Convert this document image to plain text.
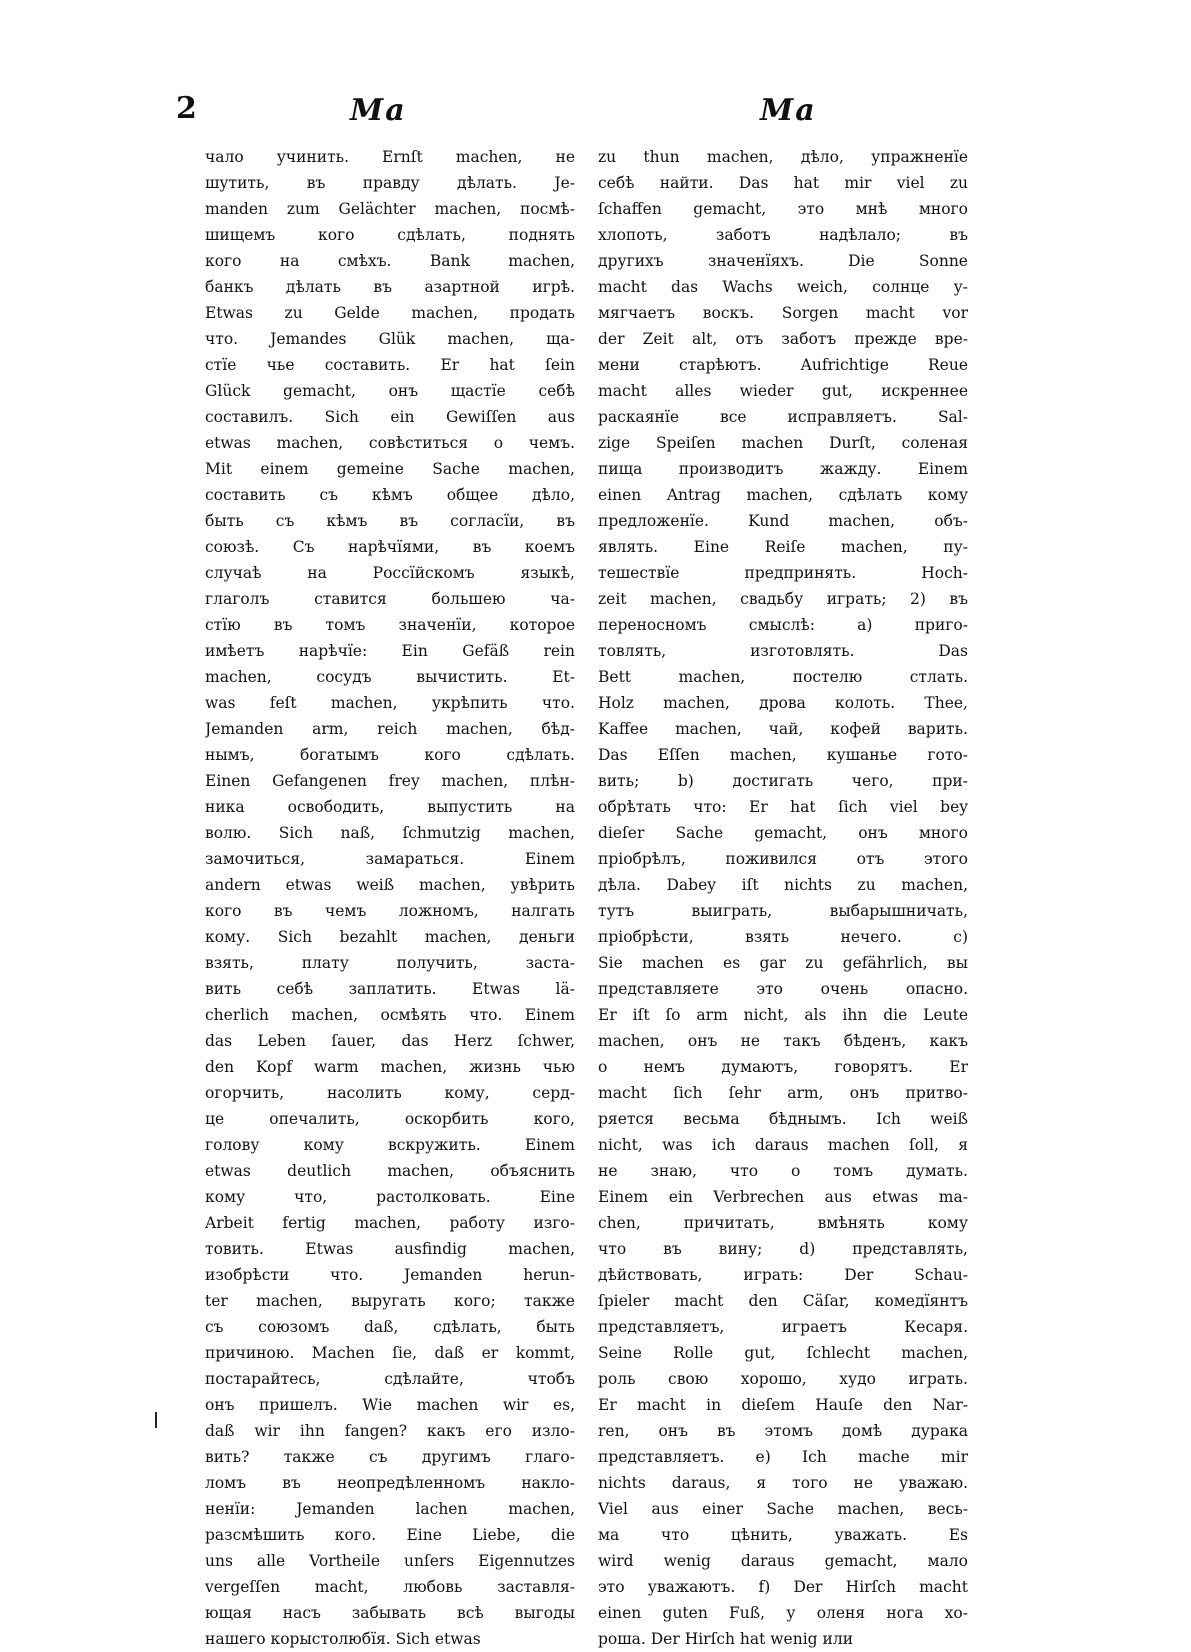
2	Ma	Ma
чало учинить. Ernſt machen, не
шутить, въ правду дѣлать. Je-
manden zum Gelächter machen, посмѣ-
шищемъ кого сдѣлать, поднять
кого на смѣхъ. Bank machen,
банкъ дѣлать въ азартной игрѣ.
Etwas zu Gelde machen, продать
что. Jemandes Glük machen, ща-
стїе чье составить. Er hat ſein
Glück gemacht, онъ щастїе себѣ
составилъ. Sich ein Gewiſſen aus
etwas machen, совѣститься о чемъ.
Mit einem gemeine Sache machen,
составить съ кѣмъ общее дѣло,
быть съ кѣмъ въ согласїи, въ
союзѣ. Съ нарѣчїями, въ коемъ
случаѣ на Россїйскомъ языкѣ,
глаголъ ставится большею ча-
стїю въ томъ значенїи, которое
имѣетъ нарѣчїе: Ein Gefäß rein
machen, сосудъ вычистить. Et-
was feſt machen, укрѣпить что.
Jemanden arm, reich machen, бѣд-
нымъ, богатымъ кого сдѣлать.
Einen Gefangenen frey machen, плѣн-
ника освободить, выпустить на
волю. Sich naß, ſchmutzig machen,
замочиться, замараться. Einem
andern etwas weiß machen, увѣрить
кого въ чемъ ложномъ, налгать
кому. Sich bezahlt machen, деньги
взять, плату получить, заста-
вить себѣ заплатить. Etwas lä-
cherlich machen, осмѣять что. Einem
das Leben ſauer, das Herz ſchwer,
den Kopf warm machen, жизнь чью
огорчить, насолить кому, серд-
це опечалить, оскорбить кого,
голову кому вскружить. Einem
etwas deutlich machen, объяснить
кому что, растолковать. Eine
Arbeit fertig machen, работу изго-
товить. Etwas ausfindig machen,
изобрѣсти что. Jemanden herun-
ter machen, выругать кого; также
съ союзомъ daß, сдѣлать, быть
причиною. Machen ſie, daß er kommt,
постарайтесь, сдѣлайте, чтобъ
онъ пришелъ. Wie machen wir es,
daß wir ihn fangen? какъ его изло-
вить? также съ другимъ глаго-
ломъ въ неопредѣленномъ наклo-
ненїи: Jemanden lachen machen,
разсмѣшить кого. Eine Liebe, die
uns alle Vortheile unſers Eigennutzes
vergeſſen macht, любовь заставля-
ющая насъ забывать всѣ выгоды
нашего корыстолюбїя. Sich etwas
zu thun machen, дѣло, упражненїе
себѣ найти. Das hat mir viel zu
ſchaffen gemacht, это мнѣ много
хлопоть, заботъ надѣлало; въ
другихъ значенїяхъ. Die Sonne
macht das Wachs weich, солнце у-
мягчаетъ воскъ. Sorgen macht vor
der Zeit alt, отъ заботъ прежде вре-
мени старѣютъ. Aufrichtige Reue
macht alles wieder gut, искреннее
раскаянїе все исправляетъ. Sal-
zige Speiſen machen Durſt, соленая
пища производитъ жажду. Einem
einen Antrag machen, сдѣлать кому
предложенїе. Kund machen, объ-
являть. Eine Reiſe machen, пу-
тешествїе предпринять. Hoch-
zeit machen, свадьбу играть; 2) въ
переносномъ смыслѣ: a) приго-
товлять, изготовлять. Das
Bett machen, постелю стлать.
Holz machen, дрова колоть. Thee,
Kaffee machen, чай, кофей варить.
Das Eſſen machen, кушанье гото-
вить; b) достигать чего, при-
обрѣтать что: Er hat ſich viel bey
dieſer Sache gemacht, онъ много
прiобрѣлъ, поживился отъ этого
дѣла. Dabey iſt nichts zu machen,
тутъ выиграть, выбарышничать,
прiобрѣсти, взять нечего. c)
Sie machen es gar zu gefährlich, вы
представляете это очень опасно.
Er iſt ſo arm nicht, als ihn die Leute
machen, онъ не такъ бѣденъ, какъ
о немъ думаютъ, говорятъ. Er
macht ſich ſehr arm, онъ притво-
ряется весьма бѣднымъ. Ich weiß
nicht, was ich daraus machen ſoll, я
не знаю, что о томъ думать.
Einem ein Verbrechen aus etwas ma-
chen, причитать, вмѣнять кому
что въ вину; d) представлять,
дѣйствовать, играть: Der Schau-
ſpieler macht den Cäſar, комедїянтъ
представляетъ, играетъ Кесаря.
Seine Rolle gut, ſchlecht machen,
роль свою хорошо, худо играть.
Er macht in dieſem Hauſe den Nar-
ren, онъ въ этомъ домѣ дурака
представляетъ. e) Ich mache mir
nichts daraus, я того не уважаю.
Viel aus einer Sache machen, весь-
ма что цѣнить, уважать. Es
wird wenig daraus gemacht, мало
это уважаютъ. f) Der Hirſch macht
einen guten Fuß, у оленя нога хо-
роша. Der Hirſch hat wenig или
